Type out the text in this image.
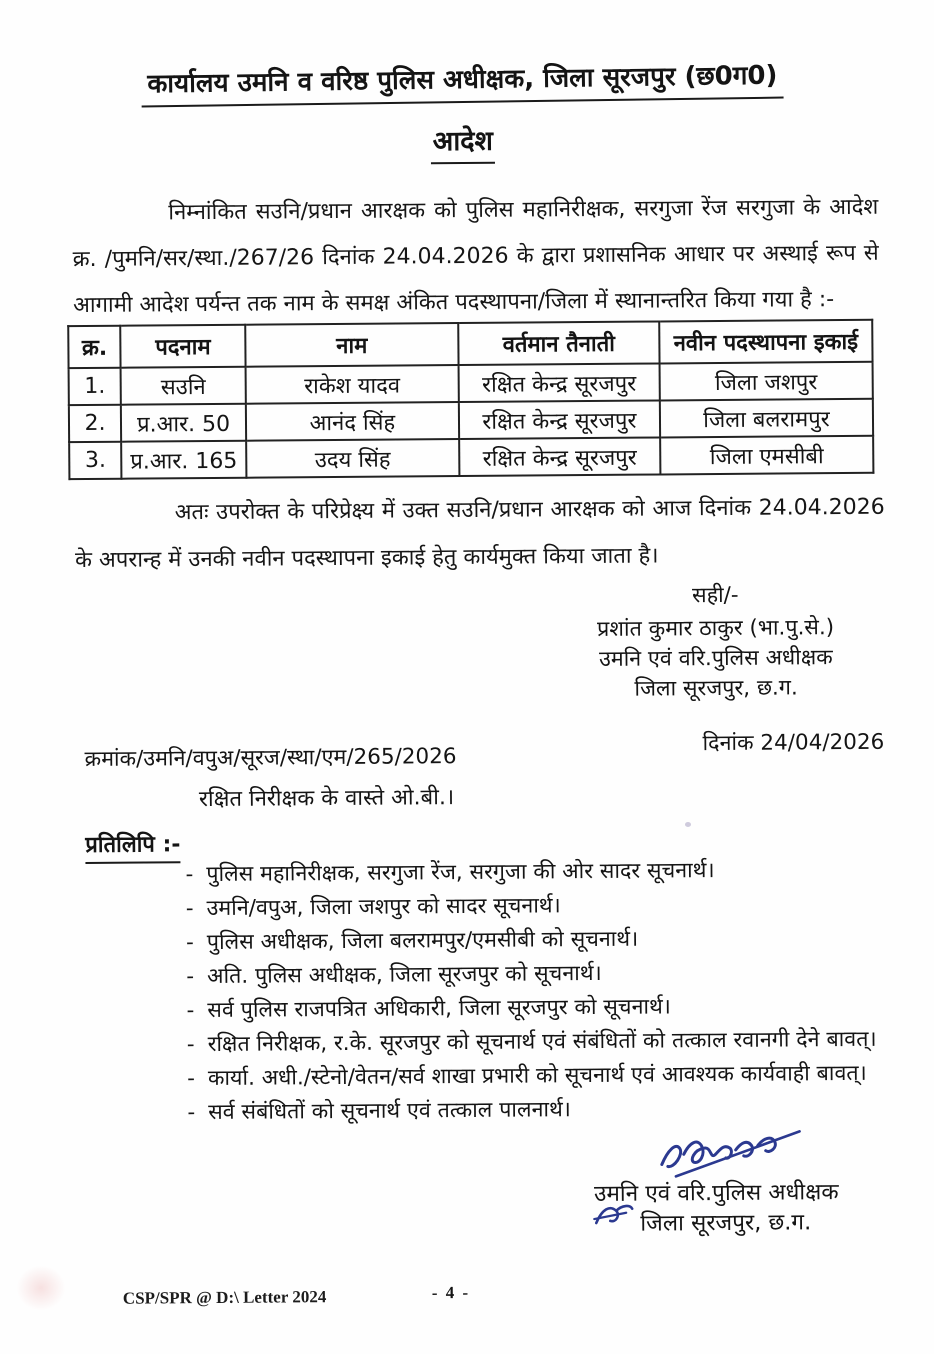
कार्यालय उमनि व वरिष्ठ पुलिस अधीक्षक, जिला सूरजपुर (छ0ग0)
आदेश
निम्नांकित सउनि/प्रधान आरक्षक को पुलिस महानिरीक्षक, सरगुजा रेंज सरगुजा के आदेश क्र. /पुमनि/सर/स्था./267/26 दिनांक 24.04.2026 के द्वारा प्रशासनिक आधार पर अस्थाई रूप से आगामी आदेश पर्यन्त तक नाम के समक्ष अंकित पदस्थापना/जिला में स्थानान्तरित किया गया है :-
क्र.	पदनाम	नाम	वर्तमान तैनाती	नवीन पदस्थापना इकाई
1.	सउनि	राकेश यादव	रक्षित केन्द्र सूरजपुर	जिला जशपुर
2.	प्र.आर. 50	आनंद सिंह	रक्षित केन्द्र सूरजपुर	जिला बलरामपुर
3.	प्र.आर. 165	उदय सिंह	रक्षित केन्द्र सूरजपुर	जिला एमसीबी
अतः उपरोक्त के परिप्रेक्ष्य में उक्त सउनि/प्रधान आरक्षक को आज दिनांक 24.04.2026 के अपरान्ह में उनकी नवीन पदस्थापना इकाई हेतु कार्यमुक्त किया जाता है।
सही/-
प्रशांत कुमार ठाकुर (भा.पु.से.)
उमनि एवं वरि.पुलिस अधीक्षक
जिला सूरजपुर, छ.ग.
क्रमांक/उमनि/वपुअ/सूरज/स्था/एम/265/2026
दिनांक 24/04/2026
रक्षित निरीक्षक के वास्ते ओ.बी.।
प्रतिलिपि :-
- पुलिस महानिरीक्षक, सरगुजा रेंज, सरगुजा की ओर सादर सूचनार्थ।
- उमनि/वपुअ, जिला जशपुर को सादर सूचनार्थ।
- पुलिस अधीक्षक, जिला बलरामपुर/एमसीबी को सूचनार्थ।
- अति. पुलिस अधीक्षक, जिला सूरजपुर को सूचनार्थ।
- सर्व पुलिस राजपत्रित अधिकारी, जिला सूरजपुर को सूचनार्थ।
- रक्षित निरीक्षक, र.के. सूरजपुर को सूचनार्थ एवं संबंधितों को तत्काल रवानगी देने बावत्।
- कार्या. अधी./स्टेनो/वेतन/सर्व शाखा प्रभारी को सूचनार्थ एवं आवश्यक कार्यवाही बावत्।
- सर्व संबंधितों को सूचनार्थ एवं तत्काल पालनार्थ।
उमनि एवं वरि.पुलिस अधीक्षक
जिला सूरजपुर, छ.ग.
CSP/SPR @ D:\ Letter 2024	- 4 -
